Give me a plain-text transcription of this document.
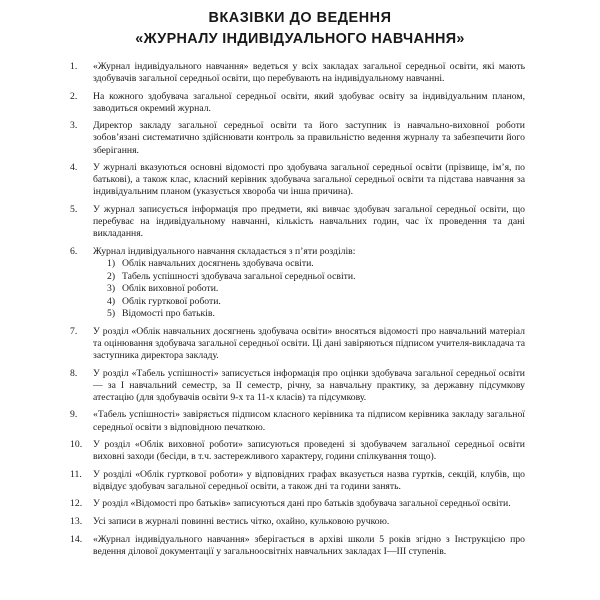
ВКАЗІВКИ ДО ВЕДЕННЯ
«ЖУРНАЛУ ІНДИВІДУАЛЬНОГО НАВЧАННЯ»
1.	«Журнал індивідуального навчання» ведеться у всіх закладах загальної середньої освіти, які мають здобувачів загальної середньої освіти, що перебувають на індивідуальному навчанні.
2.	На кожного здобувача загальної середньої освіти, який здобуває освіту за індивідуальним планом, заводиться окремий журнал.
3.	Директор закладу загальної середньої освіти та його заступник із навчально-виховної роботи зобов’язані систематично здійснювати контроль за правильністю ведення журналу та забезпечити його зберігання.
4.	У журналі вказуються основні відомості про здобувача загальної середньої освіти (прізвище, ім’я, по батькові), а також клас, класний керівник здобувача загальної середньої освіти та підстава навчання за індивідуальним планом (указується хвороба чи інша причина).
5.	У журнал записується інформація про предмети, які вивчає здобувач загальної середньої освіти, що перебуває на індивідуальному навчанні, кількість навчальних годин, час їх проведення та дані викладання.
6.	Журнал індивідуального навчання складається з п’яти розділів:
1) Облік навчальних досягнень здобувача освіти.
2) Табель успішності здобувача загальної середньої освіти.
3) Облік виховної роботи.
4) Облік гурткової роботи.
5) Відомості про батьків.
7.	У розділ «Облік навчальних досягнень здобувача освіти» вносяться відомості про навчальний матеріал та оцінювання здобувача загальної середньої освіти. Ці дані завіряються підписом учителя-викладача та заступника директора закладу.
8.	У розділ «Табель успішності» записується інформація про оцінки здобувача загальної середньої освіти — за I навчальний семестр, за II семестр, річну, за навчальну практику, за державну підсумкову атестацію (для здобувачів освіти 9-х та 11-х класів) та підсумкову.
9.	«Табель успішності» завіряється підписом класного керівника та підписом керівника закладу загальної середньої освіти з відповідною печаткою.
10.	У розділ «Облік виховної роботи» записуються проведені зі здобувачем загальної середньої освіти виховні заходи (бесіди, в т.ч. застережливого характеру, години спілкування тощо).
11.	У розділі «Облік гурткової роботи» у відповідних графах вказується назва гуртків, секцій, клубів, що відвідує здобувач загальної середньої освіти, а також дні та години занять.
12.	У розділ «Відомості про батьків» записуються дані про батьків здобувача загальної середньої освіти.
13.	Усі записи в журналі повинні вестись чітко, охайно, кульковою ручкою.
14.	«Журнал індивідуального навчання» зберігається в архіві школи 5 років згідно з Інструкцією про ведення ділової документації у загальноосвітніх навчальних закладах I—III ступенів.
